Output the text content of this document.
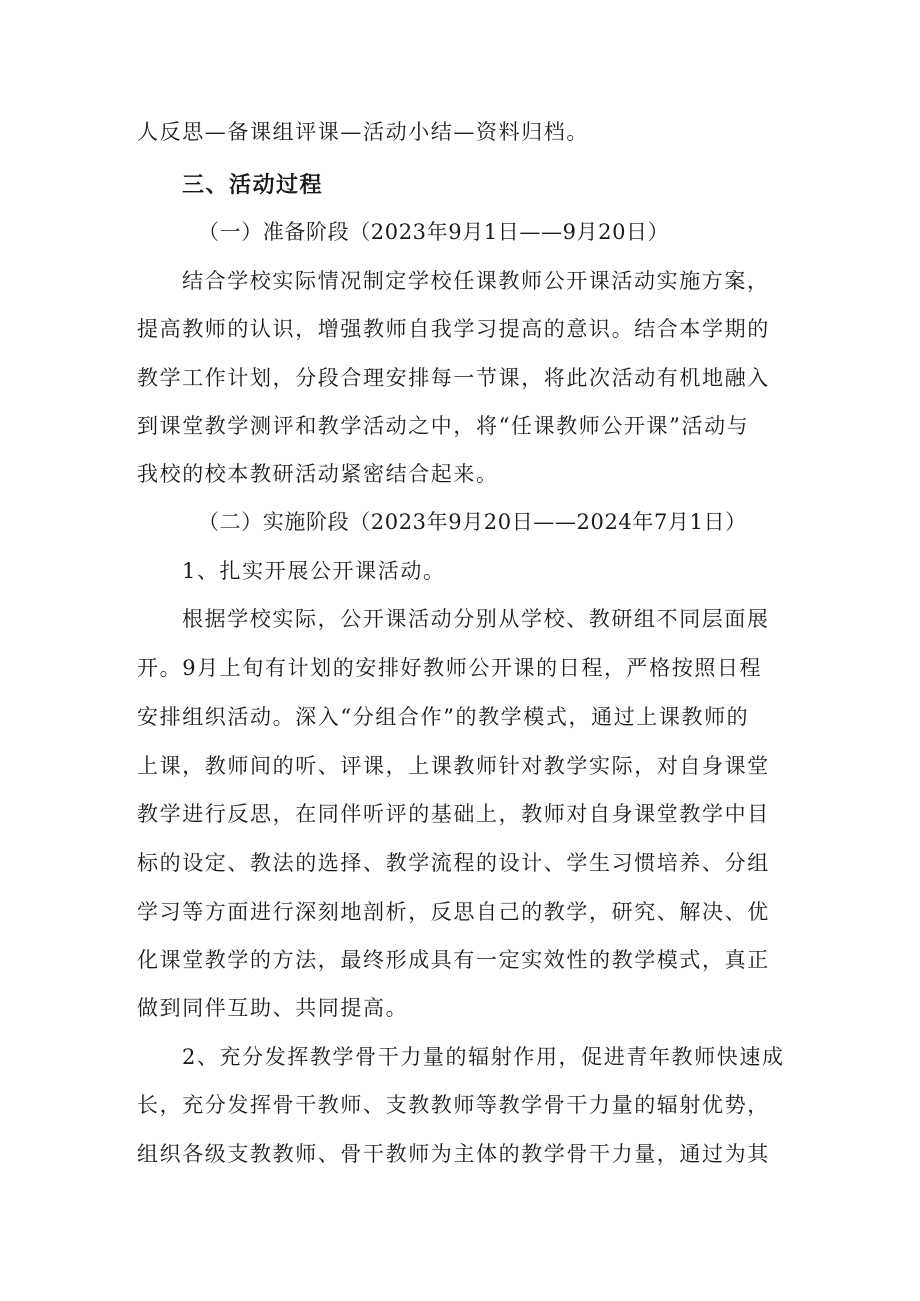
人反思—备课组评课—活动小结—资料归档。
三、活动过程
（一）准备阶段（2023年9月1日——9月20日）
结合学校实际情况制定学校任课教师公开课活动实施方案，
提高教师的认识，增强教师自我学习提高的意识。结合本学期的
教学工作计划，分段合理安排每一节课，将此次活动有机地融入
到课堂教学测评和教学活动之中，将“任课教师公开课”活动与
我校的校本教研活动紧密结合起来。
（二）实施阶段（2023年9月20日——2024年7月1日）
1、扎实开展公开课活动。
根据学校实际，公开课活动分别从学校、教研组不同层面展
开。9月上旬有计划的安排好教师公开课的日程，严格按照日程
安排组织活动。深入“分组合作”的教学模式，通过上课教师的
上课，教师间的听、评课，上课教师针对教学实际，对自身课堂
教学进行反思，在同伴听评的基础上，教师对自身课堂教学中目
标的设定、教法的选择、教学流程的设计、学生习惯培养、分组
学习等方面进行深刻地剖析，反思自己的教学，研究、解决、优
化课堂教学的方法，最终形成具有一定实效性的教学模式，真正
做到同伴互助、共同提高。
2、充分发挥教学骨干力量的辐射作用，促进青年教师快速成
长，充分发挥骨干教师、支教教师等教学骨干力量的辐射优势，
组织各级支教教师、骨干教师为主体的教学骨干力量，通过为其
